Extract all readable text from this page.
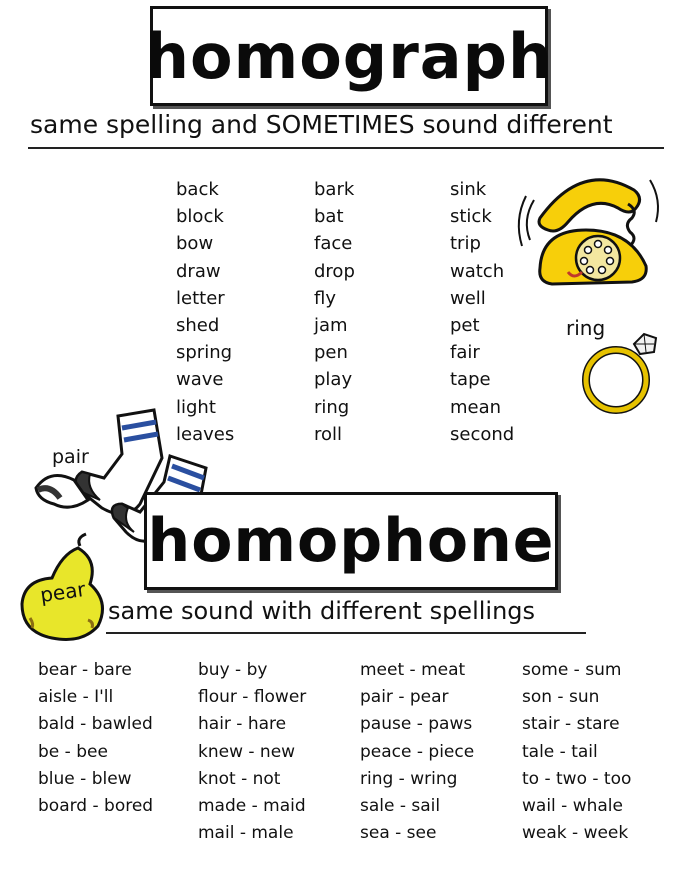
homograph
same spelling and SOMETIMES sound different
back
block
bow
draw
letter
shed
spring
wave
light
leaves
bark
bat
face
drop
fly
jam
pen
play
ring
roll
sink
stick
trip
watch
well
pet
fair
tape
mean
second
ring
pair
pear
homophone
same sound with different spellings
bear - bare
aisle - I'll
bald - bawled
be - bee
blue - blew
board - bored
buy - by
flour - flower
hair - hare
knew - new
knot - not
made - maid
mail - male
meet - meat
pair - pear
pause - paws
peace - piece
ring - wring
sale - sail
sea - see
some - sum
son - sun
stair - stare
tale - tail
to - two - too
wail - whale
weak - week
